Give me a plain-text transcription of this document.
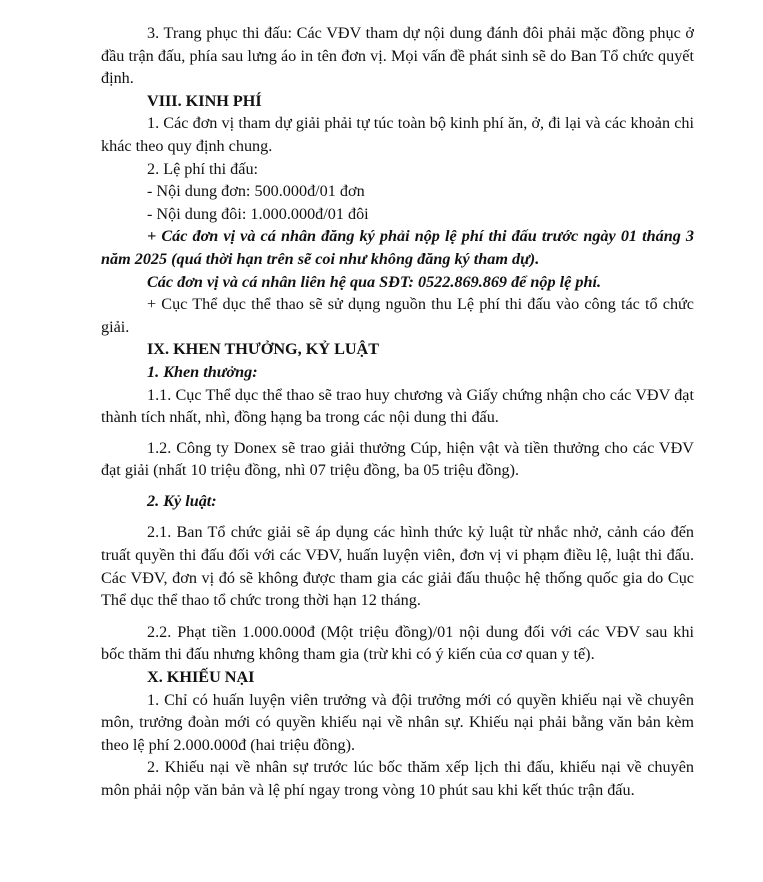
3. Trang phục thi đấu: Các VĐV tham dự nội dung đánh đôi phải mặc đồng phục ở đầu trận đấu, phía sau lưng áo in tên đơn vị. Mọi vấn đề phát sinh sẽ do Ban Tổ chức quyết định.

VIII. KINH PHÍ

1. Các đơn vị tham dự giải phải tự túc toàn bộ kinh phí ăn, ở, đi lại và các khoản chi khác theo quy định chung.

2. Lệ phí thi đấu:

- Nội dung đơn: 500.000đ/01 đơn

- Nội dung đôi: 1.000.000đ/01 đôi

+ Các đơn vị và cá nhân đăng ký phải nộp lệ phí thi đấu trước ngày 01 tháng 3 năm 2025 (quá thời hạn trên sẽ coi như không đăng ký tham dự).

Các đơn vị và cá nhân liên hệ qua SĐT: 0522.869.869 để nộp lệ phí.

+ Cục Thể dục thể thao sẽ sử dụng nguồn thu Lệ phí thi đấu vào công tác tổ chức giải.

IX. KHEN THƯỞNG, KỶ LUẬT

1. Khen thưởng:

1.1. Cục Thể dục thể thao sẽ trao huy chương và Giấy chứng nhận cho các VĐV đạt thành tích nhất, nhì, đồng hạng ba trong các nội dung thi đấu.

1.2. Công ty Donex sẽ trao giải thưởng Cúp, hiện vật và tiền thưởng cho các VĐV đạt giải (nhất 10 triệu đồng, nhì 07 triệu đồng, ba 05 triệu đồng).

2. Kỷ luật:

2.1. Ban Tổ chức giải sẽ áp dụng các hình thức kỷ luật từ nhắc nhở, cảnh cáo đến truất quyền thi đấu đối với các VĐV, huấn luyện viên, đơn vị vi phạm điều lệ, luật thi đấu. Các VĐV, đơn vị đó sẽ không được tham gia các giải đấu thuộc hệ thống quốc gia do Cục Thể dục thể thao tổ chức trong thời hạn 12 tháng.

2.2. Phạt tiền 1.000.000đ (Một triệu đồng)/01 nội dung đối với các VĐV sau khi bốc thăm thi đấu nhưng không tham gia (trừ khi có ý kiến của cơ quan y tế).

X. KHIẾU NẠI

1. Chỉ có huấn luyện viên trưởng và đội trưởng mới có quyền khiếu nại về chuyên môn, trưởng đoàn mới có quyền khiếu nại về nhân sự. Khiếu nại phải bằng văn bản kèm theo lệ phí 2.000.000đ (hai triệu đồng).

2. Khiếu nại về nhân sự trước lúc bốc thăm xếp lịch thi đấu, khiếu nại về chuyên môn phải nộp văn bản và lệ phí ngay trong vòng 10 phút sau khi kết thúc trận đấu.
